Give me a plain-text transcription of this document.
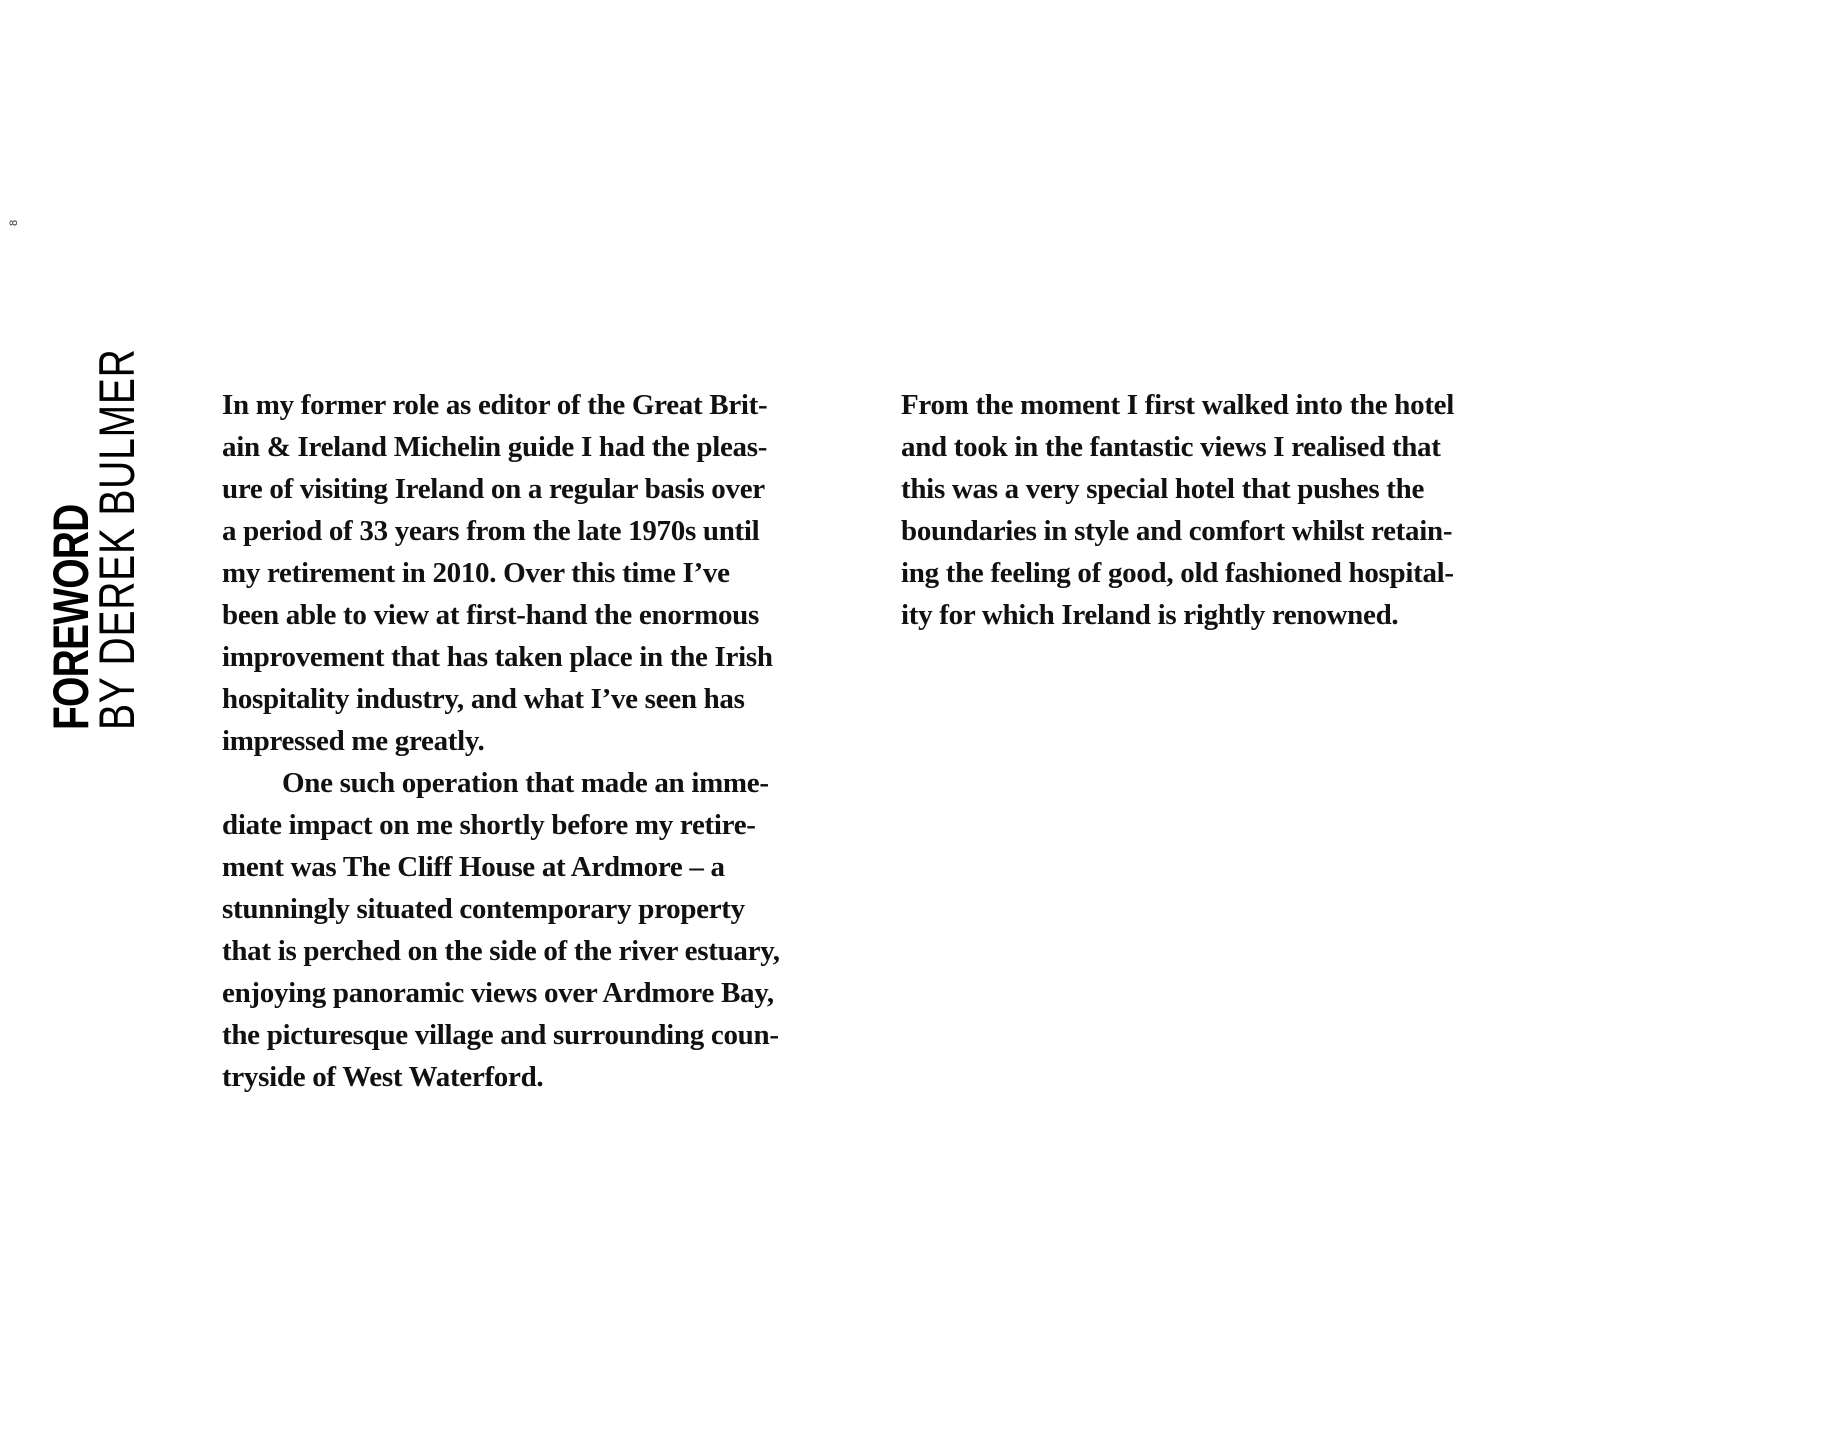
8
FOREWORD
BY DEREK BULMER	In my former role as editor of the Great Brit-
ain & Ireland Michelin guide I had the pleas-
ure of visiting Ireland on a regular basis over
a period of 33 years from the late 1970s until
my retirement in 2010. Over this time I’ve
been able to view at first-hand the enormous
improvement that has taken place in the Irish
hospitality industry, and what I’ve seen has
impressed me greatly.
One such operation that made an imme-
diate impact on me shortly before my retire-
ment was The Cliff House at Ardmore – a
stunningly situated contemporary property
that is perched on the side of the river estuary,
enjoying panoramic views over Ardmore Bay,
the picturesque village and surrounding coun-
tryside of West Waterford.
From the moment I first walked into the hotel
and took in the fantastic views I realised that
this was a very special hotel that pushes the
boundaries in style and comfort whilst retain-
ing the feeling of good, old fashioned hospital-
ity for which Ireland is rightly renowned.
